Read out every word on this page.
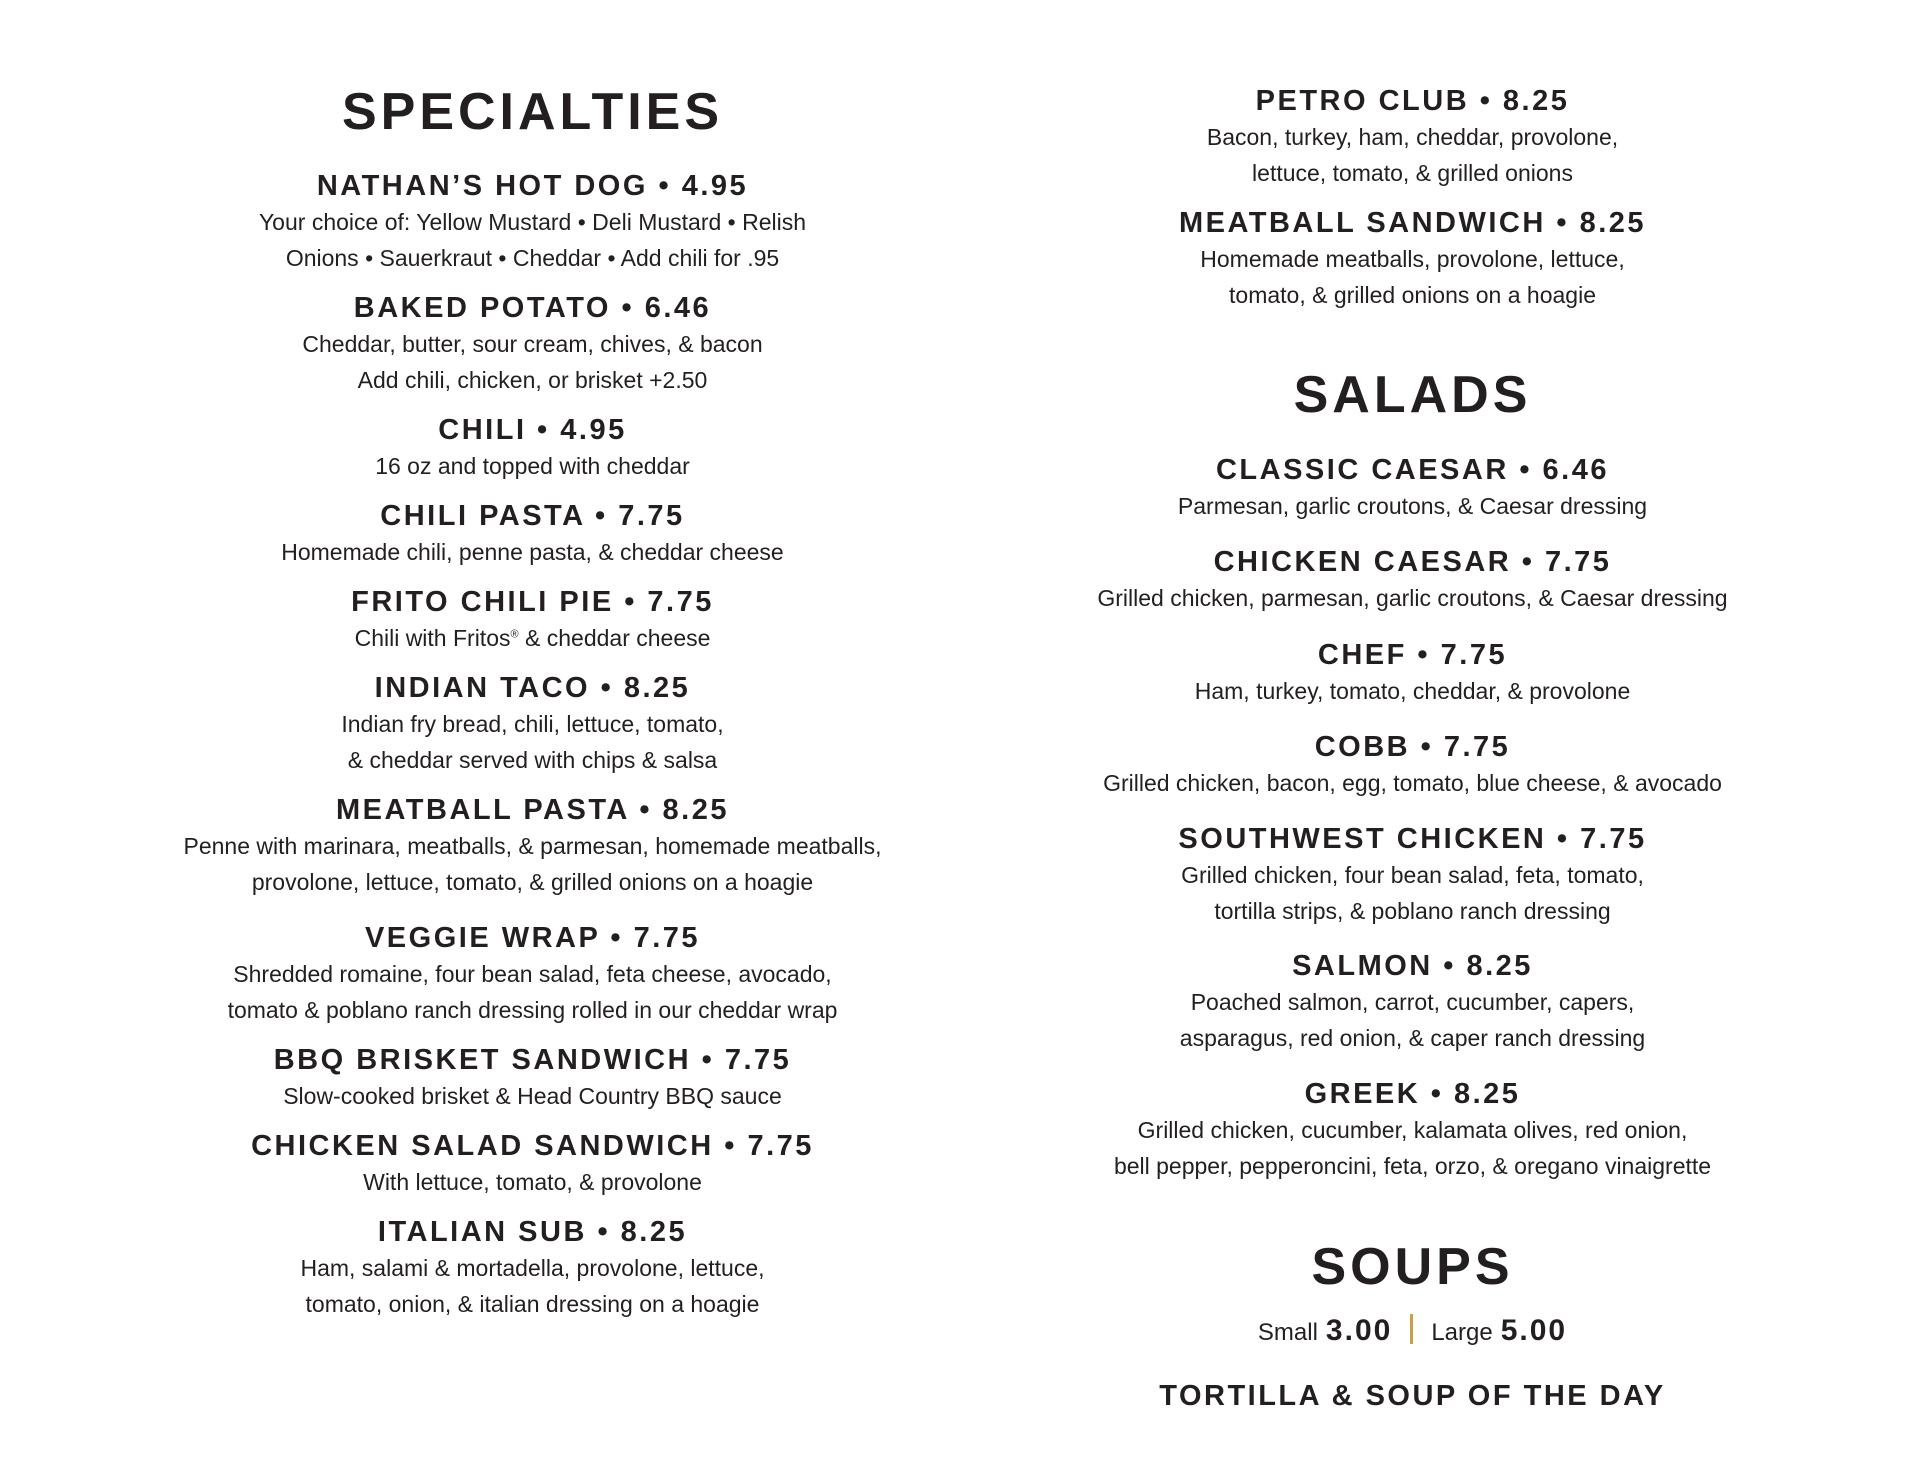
SPECIALTIES

NATHAN’S HOT DOG • 4.95

Your choice of: Yellow Mustard • Deli Mustard • Relish

Onions • Sauerkraut • Cheddar • Add chili for .95

BAKED POTATO • 6.46

Cheddar, butter, sour cream, chives, & bacon

Add chili, chicken, or brisket +2.50

CHILI • 4.95

16 oz and topped with cheddar

CHILI PASTA • 7.75

Homemade chili, penne pasta, & cheddar cheese

FRITO CHILI PIE • 7.75

Chili with Fritos® & cheddar cheese

INDIAN TACO • 8.25

Indian fry bread, chili, lettuce, tomato,

& cheddar served with chips & salsa

MEATBALL PASTA • 8.25

Penne with marinara, meatballs, & parmesan, homemade meatballs,

provolone, lettuce, tomato, & grilled onions on a hoagie

VEGGIE WRAP • 7.75

Shredded romaine, four bean salad, feta cheese, avocado,

tomato & poblano ranch dressing rolled in our cheddar wrap

BBQ BRISKET SANDWICH • 7.75

Slow-cooked brisket & Head Country BBQ sauce

CHICKEN SALAD SANDWICH • 7.75

With lettuce, tomato, & provolone

ITALIAN SUB • 8.25

Ham, salami & mortadella, provolone, lettuce,

tomato, onion, & italian dressing on a hoagie

PETRO CLUB • 8.25

Bacon, turkey, ham, cheddar, provolone,

lettuce, tomato, & grilled onions

MEATBALL SANDWICH • 8.25

Homemade meatballs, provolone, lettuce,

tomato, & grilled onions on a hoagie

SALADS

CLASSIC CAESAR • 6.46

Parmesan, garlic croutons, & Caesar dressing

CHICKEN CAESAR • 7.75

Grilled chicken, parmesan, garlic croutons, & Caesar dressing

CHEF • 7.75

Ham, turkey, tomato, cheddar, & provolone

COBB • 7.75

Grilled chicken, bacon, egg, tomato, blue cheese, & avocado

SOUTHWEST CHICKEN • 7.75

Grilled chicken, four bean salad, feta, tomato,

tortilla strips, & poblano ranch dressing

SALMON • 8.25

Poached salmon, carrot, cucumber, capers,

asparagus, red onion, & caper ranch dressing

GREEK • 8.25

Grilled chicken, cucumber, kalamata olives, red onion,

bell pepper, pepperoncini, feta, orzo, & oregano vinaigrette

SOUPS
Small 3.00 Large 5.00

TORTILLA & SOUP OF THE DAY
